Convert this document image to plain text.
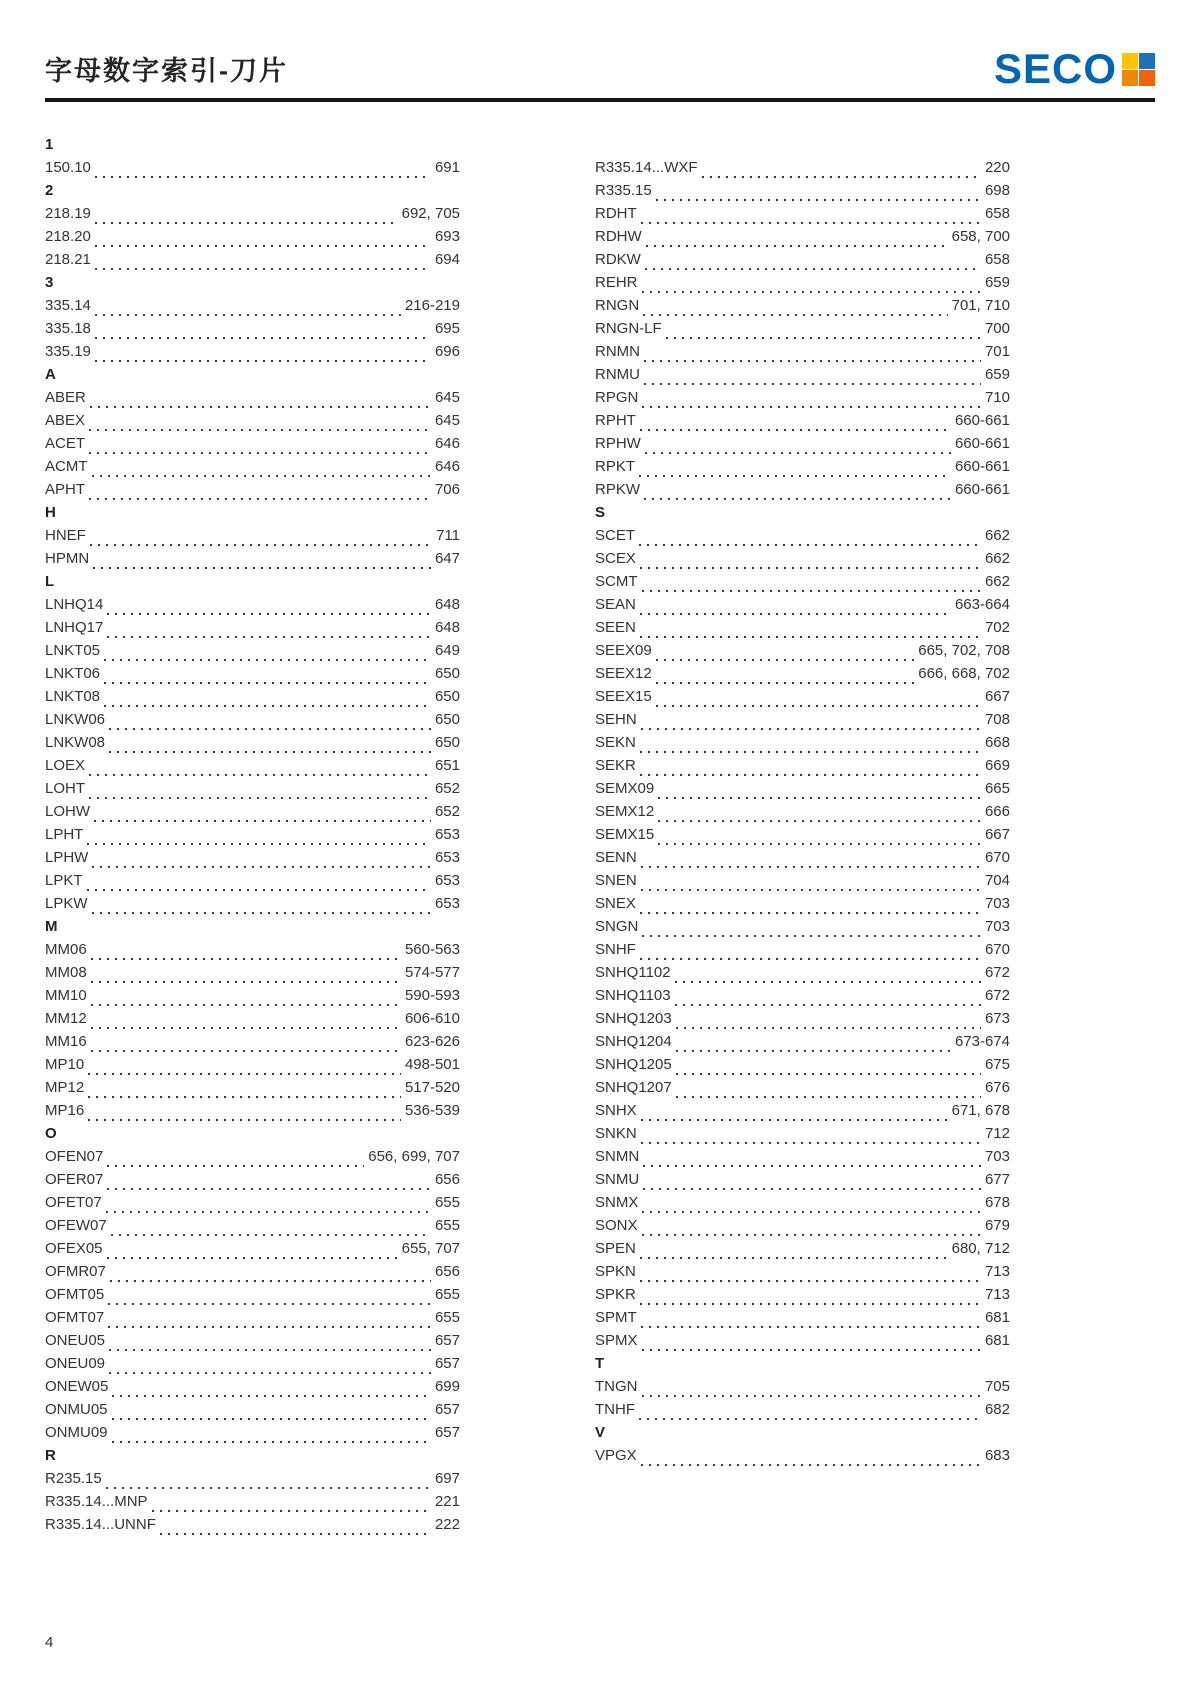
字母数字索引-刀片	SECO
1
150.10	691
2
218.19	692, 705
218.20	693
218.21	694
3
335.14	216-219
335.18	695
335.19	696
A
ABER	645
ABEX	645
ACET	646
ACMT	646
APHT	706
H
HNEF	711
HPMN	647
L
LNHQ14	648
LNHQ17	648
LNKT05	649
LNKT06	650
LNKT08	650
LNKW06	650
LNKW08	650
LOEX	651
LOHT	652
LOHW	652
LPHT	653
LPHW	653
LPKT	653
LPKW	653
M
MM06	560-563
MM08	574-577
MM10	590-593
MM12	606-610
MM16	623-626
MP10	498-501
MP12	517-520
MP16	536-539
O
OFEN07	656, 699, 707
OFER07	656
OFET07	655
OFEW07	655
OFEX05	655, 707
OFMR07	656
OFMT05	655
OFMT07	655
ONEU05	657
ONEU09	657
ONEW05	699
ONMU05	657
ONMU09	657
R
R235.15	697
R335.14...MNP	221
R335.14...UNNF	222
R335.14...WXF	220
R335.15	698
RDHT	658
RDHW	658, 700
RDKW	658
REHR	659
RNGN	701, 710
RNGN-LF	700
RNMN	701
RNMU	659
RPGN	710
RPHT	660-661
RPHW	660-661
RPKT	660-661
RPKW	660-661
S
SCET	662
SCEX	662
SCMT	662
SEAN	663-664
SEEN	702
SEEX09	665, 702, 708
SEEX12	666, 668, 702
SEEX15	667
SEHN	708
SEKN	668
SEKR	669
SEMX09	665
SEMX12	666
SEMX15	667
SENN	670
SNEN	704
SNEX	703
SNGN	703
SNHF	670
SNHQ1102	672
SNHQ1103	672
SNHQ1203	673
SNHQ1204	673-674
SNHQ1205	675
SNHQ1207	676
SNHX	671, 678
SNKN	712
SNMN	703
SNMU	677
SNMX	678
SONX	679
SPEN	680, 712
SPKN	713
SPKR	713
SPMT	681
SPMX	681
T
TNGN	705
TNHF	682
V
VPGX	683
4
